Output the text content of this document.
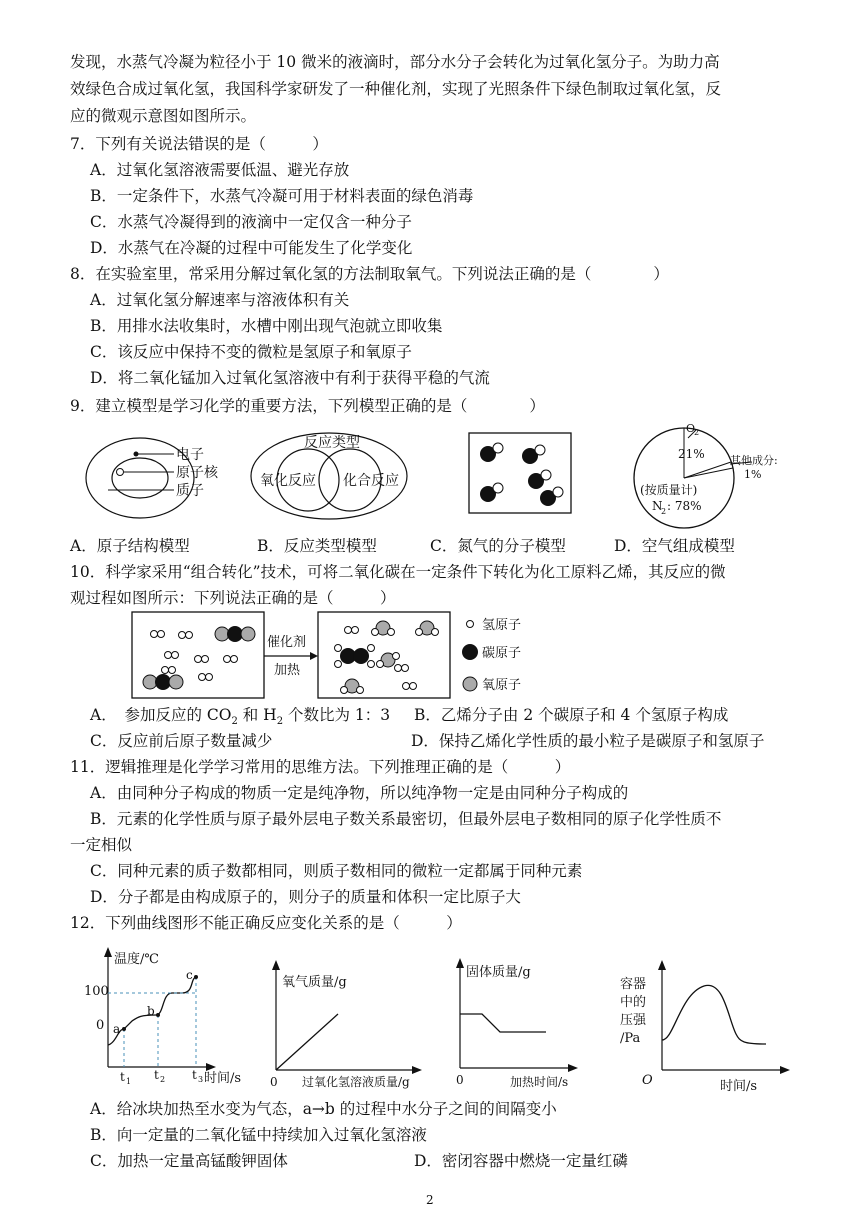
发现，水蒸气冷凝为粒径小于 10 微米的液滴时，部分水分子会转化为过氧化氢分子。为助力高
效绿色合成过氧化氢，我国科学家研发了一种催化剂，实现了光照条件下绿色制取过氧化氢，反
应的微观示意图如图所示。
7．下列有关说法错误的是（　　　）
A．过氧化氢溶液需要低温、避光存放
B．一定条件下，水蒸气冷凝可用于材料表面的绿色消毒
C．水蒸气冷凝得到的液滴中一定仅含一种分子
D．水蒸气在冷凝的过程中可能发生了化学变化
8．在实验室里，常采用分解过氧化氢的方法制取氧气。下列说法正确的是（　　　　）
A．过氧化氢分解速率与溶液体积有关
B．用排水法收集时，水槽中刚出现气泡就立即收集
C．该反应中保持不变的微粒是氢原子和氧原子
D．将二氧化锰加入过氧化氢溶液中有利于获得平稳的气流
9．建立模型是学习化学的重要方法，下列模型正确的是（　　　　）
电子
原子核
质子
反应类型
氧化反应 化合反应
O
2
21% 其他成分:
1%
(按质量计)
N
2 : 78%
A．原子结构模型	B．反应类型模型	C．氮气的分子模型	D．空气组成模型
10．科学家采用“组合转化”技术，可将二氧化碳在一定条件下转化为化工原料乙烯，其反应的微
观过程如图所示：下列说法正确的是（　　　）
催化剂
加热
氢原子
碳原子
氧原子
A．　参加反应的 $CO_2$ 和 $H_2$ 个数比为 1：3 B．乙烯分子由 2 个碳原子和 4 个氢原子构成
C．反应前后原子数量减少	D．保持乙烯化学性质的最小粒子是碳原子和氢原子
11．逻辑推理是化学学习常用的思维方法。下列推理正确的是（　　　）
A．由同种分子构成的物质一定是纯净物，所以纯净物一定是由同种分子构成的
B．元素的化学性质与原子最外层电子数关系最密切，但最外层电子数相同的原子化学性质不
一定相似
C．同种元素的质子数都相同，则质子数相同的微粒一定都属于同种元素
D．分子都是由构成原子的，则分子的质量和体积一定比原子大
12．下列曲线图形不能正确反应变化关系的是（　　　）
温度/℃
100
0 a
b
c
t 1 t 2 t 3 时间/s
氧气质量/g
0 过氧化氢溶液质量/g
固体质量/g
0	加热时间/s
容器
中的
压强
/Pa
O	时间/s
A．给冰块加热至水变为气态，a→b 的过程中水分子之间的间隔变小
B．向一定量的二氧化锰中持续加入过氧化氢溶液
C．加热一定量高锰酸钾固体	D．密闭容器中燃烧一定量红磷
2
